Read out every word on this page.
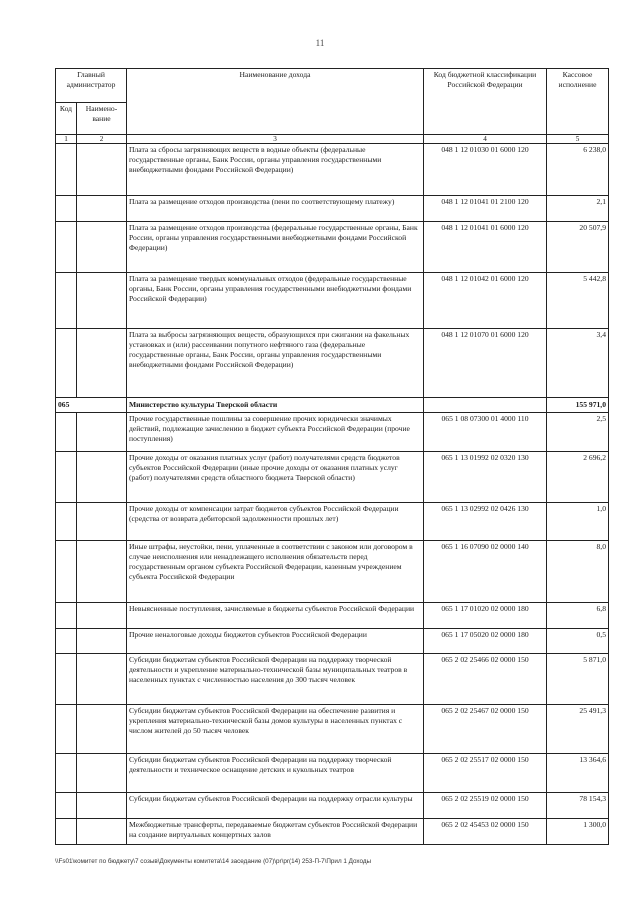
11
Главный администратор		Наименование дохода	Код бюджетной классификации Российской Федерации	Кассовое исполнение
Код	Наимено-вание			
1	2	3	4	5
		Плата за сбросы загрязняющих веществ в водные объекты (федеральные государственные органы, Банк России, органы управления государственными внебюджетными фондами Российской Федерации)	048 1 12 01030 01 6000 120	6 238,0
		Плата за размещение отходов производства (пени по соответствующему платежу)	048 1 12 01041 01 2100 120	2,1
		Плата за размещение отходов производства (федеральные государственные органы, Банк России, органы управления государственными внебюджетными фондами Российской Федерации)	048 1 12 01041 01 6000 120	20 507,9
		Плата за размещение твердых коммунальных отходов (федеральные государственные органы, Банк России, органы управления государственными внебюджетными фондами Российской Федерации)	048 1 12 01042 01 6000 120	5 442,8
		Плата за выбросы загрязняющих веществ, образующихся при сжигании на факельных установках и (или) рассеивании попутного нефтяного газа (федеральные государственные органы, Банк России, органы управления государственными внебюджетными фондами Российской Федерации)	048 1 12 01070 01 6000 120	3,4
065		Министерство культуры Тверской области		155 971,0
		Прочие государственные пошлины за совершение прочих юридически значимых действий, подлежащие зачислению в бюджет субъекта Российской Федерации (прочие поступления)	065 1 08 07300 01 4000 110	2,5
		Прочие доходы от оказания платных услуг (работ) получателями средств бюджетов субъектов Российской Федерации (иные прочие доходы от оказания платных услуг (работ) получателями средств областного бюджета Тверской области)	065 1 13 01992 02 0320 130	2 696,2
		Прочие доходы от компенсации затрат бюджетов субъектов Российской Федерации (средства от возврата дебиторской задолженности прошлых лет)	065 1 13 02992 02 0426 130	1,0
		Иные штрафы, неустойки, пени, уплаченные в соответствии с законом или договором в случае неисполнения или ненадлежащего исполнения обязательств перед государственным органом субъекта Российской Федерации, казенным учреждением субъекта Российской Федерации	065 1 16 07090 02 0000 140	8,0
		Невыясненные поступления, зачисляемые в бюджеты субъектов Российской Федерации	065 1 17 01020 02 0000 180	6,8
		Прочие неналоговые доходы бюджетов субъектов Российской Федерации	065 1 17 05020 02 0000 180	0,5
		Субсидии бюджетам субъектов Российской Федерации на поддержку творческой деятельности и укрепление материально-технической базы муниципальных театров в населенных пунктах с численностью населения до 300 тысяч человек	065 2 02 25466 02 0000 150	5 871,0
		Субсидии бюджетам субъектов Российской Федерации на обеспечение развития и укрепления материально-технической базы домов культуры в населенных пунктах с числом жителей до 50 тысяч человек	065 2 02 25467 02 0000 150	25 491,3
		Субсидии бюджетам субъектов Российской Федерации на поддержку творческой деятельности и техническое оснащение детских и кукольных театров	065 2 02 25517 02 0000 150	13 364,6
		Субсидии бюджетам субъектов Российской Федерации на поддержку отрасли культуры	065 2 02 25519 02 0000 150	78 154,3
		Межбюджетные трансферты, передаваемые бюджетам субъектов Российской Федерации на создание виртуальных концертных залов	065 2 02 45453 02 0000 150	1 300,0
\\Fs01\комитет по бюджету\7 созыв\Документы комитета\14 заседание (07)\pr\pr(14) 253-П-7\Прил 1 Доходы
